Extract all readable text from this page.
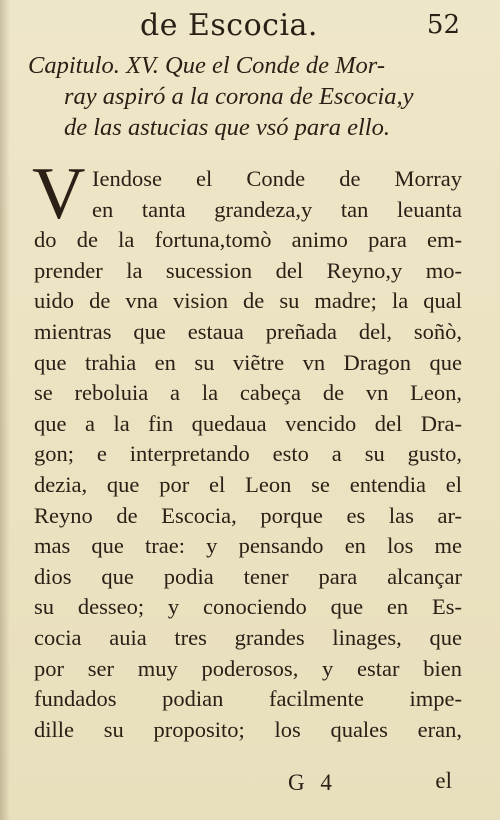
de Escocia.	52
Capitulo. XV. Que el Conde de Mor-
ray aspiró a la corona de Escocia,y
de las astucias que vsó para ello.
V Iendose el Conde de Morray
en tanta grandeza,y tan leuanta
do de la fortuna,tomò animo para em-
prender la sucession del Reyno,y mo-
uido de vna vision de su madre; la qual
mientras que estaua preñada del, soñò,
que trahia en su viẽtre vn Dragon que
se reboluia a la cabeça de vn Leon,
que a la fin quedaua vencido del Dra-
gon; e interpretando esto a su gusto,
dezia, que por el Leon se entendia el
Reyno de Escocia, porque es las ar-
mas que trae: y pensando en los me
dios que podia tener para alcançar
su desseo; y conociendo que en Es-
cocia auia tres grandes linages, que
por ser muy poderosos, y estar bien
fundados podian facilmente impe-
dille su proposito; los quales eran,
G 4	el
